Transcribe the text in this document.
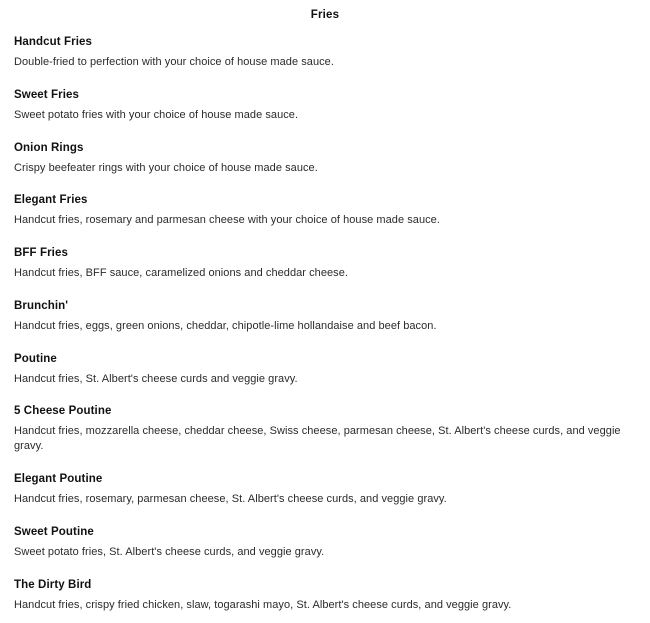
Fries
Handcut Fries
Double-fried to perfection with your choice of house made sauce.
Sweet Fries
Sweet potato fries with your choice of house made sauce.
Onion Rings
Crispy beefeater rings with your choice of house made sauce.
Elegant Fries
Handcut fries, rosemary and parmesan cheese with your choice of house made sauce.
BFF Fries
Handcut fries, BFF sauce, caramelized onions and cheddar cheese.
Brunchin'
Handcut fries, eggs, green onions, cheddar, chipotle-lime hollandaise and beef bacon.
Poutine
Handcut fries, St. Albert's cheese curds and veggie gravy.
5 Cheese Poutine
Handcut fries, mozzarella cheese, cheddar cheese, Swiss cheese, parmesan cheese, St. Albert's cheese curds, and veggie gravy.
Elegant Poutine
Handcut fries, rosemary, parmesan cheese, St. Albert's cheese curds, and veggie gravy.
Sweet Poutine
Sweet potato fries, St. Albert's cheese curds, and veggie gravy.
The Dirty Bird
Handcut fries, crispy fried chicken, slaw, togarashi mayo, St. Albert's cheese curds, and veggie gravy.
